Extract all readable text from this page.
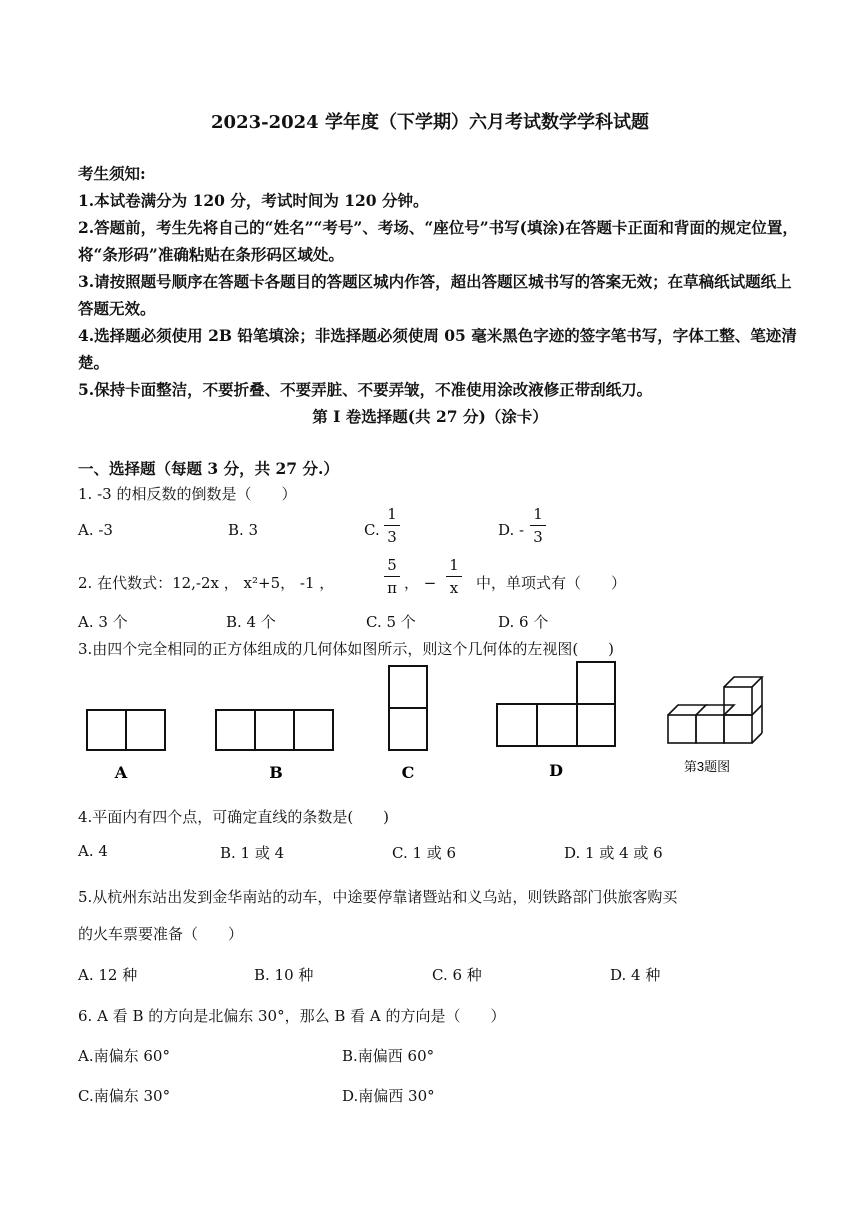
2023-2024 学年度（下学期）六月考试数学学科试题
考生须知:
1.本试卷满分为 120 分，考试时间为 120 分钟。
2.答题前，考生先将自己的“姓名”“考号”、考场、“座位号”书写(填涂)在答题卡正面和背面的规定位置，将“条形码”准确粘贴在条形码区域处。
3.请按照题号顺序在答题卡各题目的答题区城内作答，超出答题区城书写的答案无效；在草稿纸试题纸上答题无效。
4.选择题必须使用 2B 铅笔填涂；非选择题必须使周 05 毫米黑色字迹的签字笔书写，字体工整、笔迹清楚。
5.保持卡面整洁，不要折叠、不要弄脏、不要弄皱，不准使用涂改液修正带刮纸刀。
第 I 卷选择题(共 27 分)（涂卡）
一、选择题（每题 3 分，共 27 分.）
1. -3 的相反数的倒数是（　　）
A. -3	B. 3	C.
1
3	D. -
1
3
2. 在代数式：12,-2x ， x²+5， -1 ，
5
π ， −
1
x 中，单项式有（　　）
A. 3 个	B. 4 个	C. 5 个	D. 6 个
3.由四个完全相同的正方体组成的几何体如图所示，则这个几何体的左视图(　　)
A	B	C	D	第3题图
4.平面内有四个点，可确定直线的条数是(　　)
A. 4	B. 1 或 4	C. 1 或 6	D. 1 或 4 或 6
5.从杭州东站出发到金华南站的动车，中途要停靠诸暨站和义乌站，则铁路部门供旅客购买
的火车票要准备（　　）
A. 12 种	B. 10 种	C. 6 种	D. 4 种
6. A 看 B 的方向是北偏东 30°，那么 B 看 A 的方向是（　　）
A.南偏东 60°	B.南偏西 60°
C.南偏东 30°	D.南偏西 30°
